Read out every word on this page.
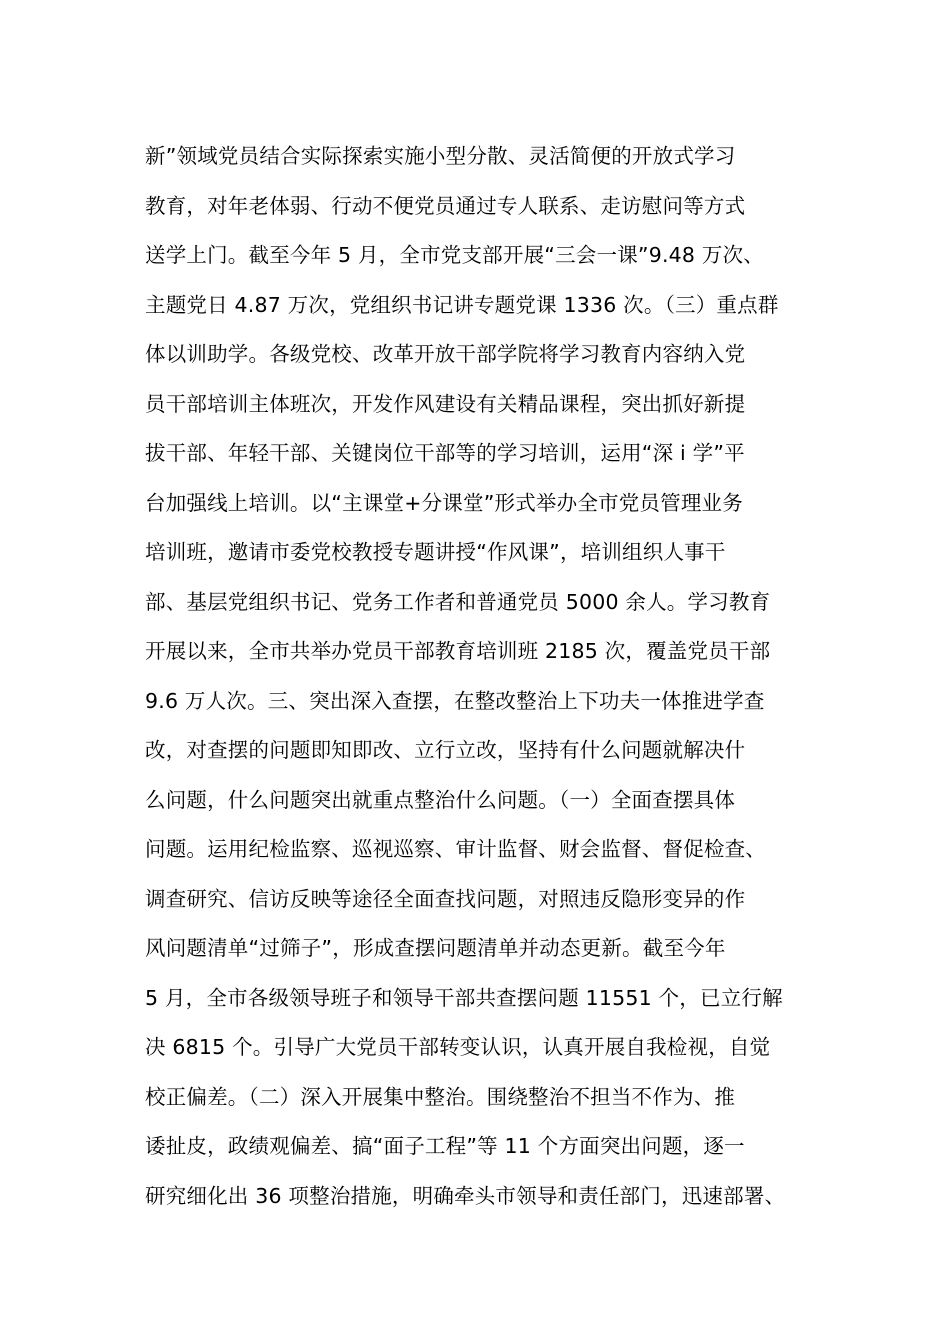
新”领域党员结合实际探索实施小型分散、灵活简便的开放式学习
教育，对年老体弱、行动不便党员通过专人联系、走访慰问等方式
送学上门。截至今年 5 月，全市党支部开展“三会一课”9.48 万次、
主题党日 4.87 万次，党组织书记讲专题党课 1336 次。（三）重点群
体以训助学。各级党校、改革开放干部学院将学习教育内容纳入党
员干部培训主体班次，开发作风建设有关精品课程，突出抓好新提
拔干部、年轻干部、关键岗位干部等的学习培训，运用“深 i 学”平
台加强线上培训。以“主课堂+分课堂”形式举办全市党员管理业务
培训班，邀请市委党校教授专题讲授“作风课”，培训组织人事干
部、基层党组织书记、党务工作者和普通党员 5000 余人。学习教育
开展以来，全市共举办党员干部教育培训班 2185 次，覆盖党员干部
9.6 万人次。三、突出深入查摆，在整改整治上下功夫一体推进学查
改，对查摆的问题即知即改、立行立改，坚持有什么问题就解决什
么问题，什么问题突出就重点整治什么问题。（一）全面查摆具体
问题。运用纪检监察、巡视巡察、审计监督、财会监督、督促检查、
调查研究、信访反映等途径全面查找问题，对照违反隐形变异的作
风问题清单“过筛子”，形成查摆问题清单并动态更新。截至今年
5 月，全市各级领导班子和领导干部共查摆问题 11551 个，已立行解
决 6815 个。引导广大党员干部转变认识，认真开展自我检视，自觉
校正偏差。（二）深入开展集中整治。围绕整治不担当不作为、推
诿扯皮，政绩观偏差、搞“面子工程”等 11 个方面突出问题，逐一
研究细化出 36 项整治措施，明确牵头市领导和责任部门，迅速部署、
